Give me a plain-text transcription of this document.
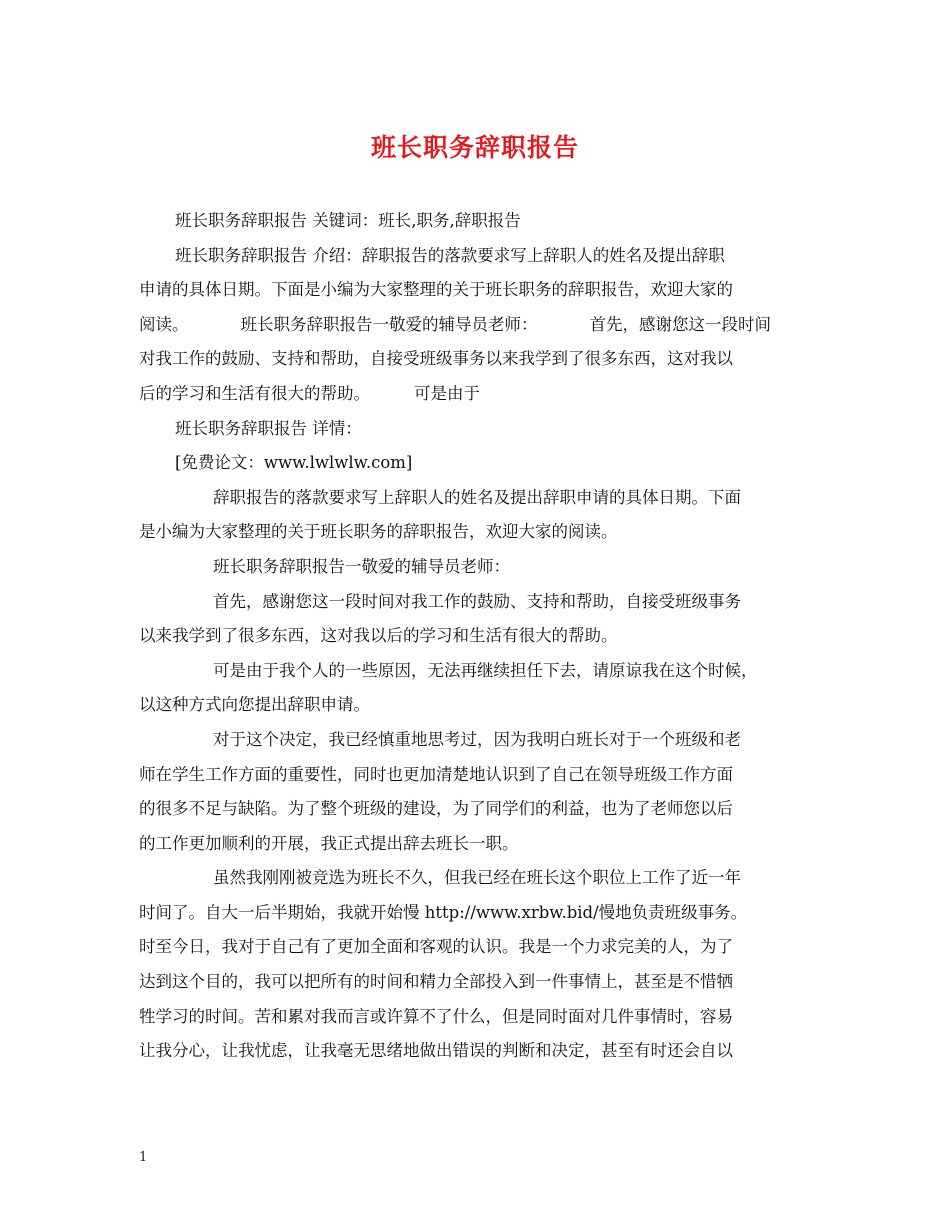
班长职务辞职报告
班长职务辞职报告 关键词：班长,职务,辞职报告
班长职务辞职报告 介绍：辞职报告的落款要求写上辞职人的姓名及提出辞职
申请的具体日期。下面是小编为大家整理的关于班长职务的辞职报告，欢迎大家的
阅读。	班长职务辞职报告一敬爱的辅导员老师：	首先，感谢您这一段时间
对我工作的鼓励、支持和帮助，自接受班级事务以来我学到了很多东西，这对我以
后的学习和生活有很大的帮助。	可是由于
班长职务辞职报告 详情：
[免费论文：www.lwlwlw.com]
辞职报告的落款要求写上辞职人的姓名及提出辞职申请的具体日期。下面
是小编为大家整理的关于班长职务的辞职报告，欢迎大家的阅读。
班长职务辞职报告一敬爱的辅导员老师：
首先，感谢您这一段时间对我工作的鼓励、支持和帮助，自接受班级事务
以来我学到了很多东西，这对我以后的学习和生活有很大的帮助。
可是由于我个人的一些原因，无法再继续担任下去，请原谅我在这个时候，
以这种方式向您提出辞职申请。
对于这个决定，我已经慎重地思考过，因为我明白班长对于一个班级和老
师在学生工作方面的重要性，同时也更加清楚地认识到了自己在领导班级工作方面
的很多不足与缺陷。为了整个班级的建设，为了同学们的利益，也为了老师您以后
的工作更加顺利的开展，我正式提出辞去班长一职。
虽然我刚刚被竞选为班长不久，但我已经在班长这个职位上工作了近一年
时间了。自大一后半期始，我就开始慢 http://www.xrbw.bid/慢地负责班级事务。
时至今日，我对于自己有了更加全面和客观的认识。我是一个力求完美的人，为了
达到这个目的，我可以把所有的时间和精力全部投入到一件事情上，甚至是不惜牺
牲学习的时间。苦和累对我而言或许算不了什么，但是同时面对几件事情时，容易
让我分心，让我忧虑，让我毫无思绪地做出错误的判断和决定，甚至有时还会自以
1
